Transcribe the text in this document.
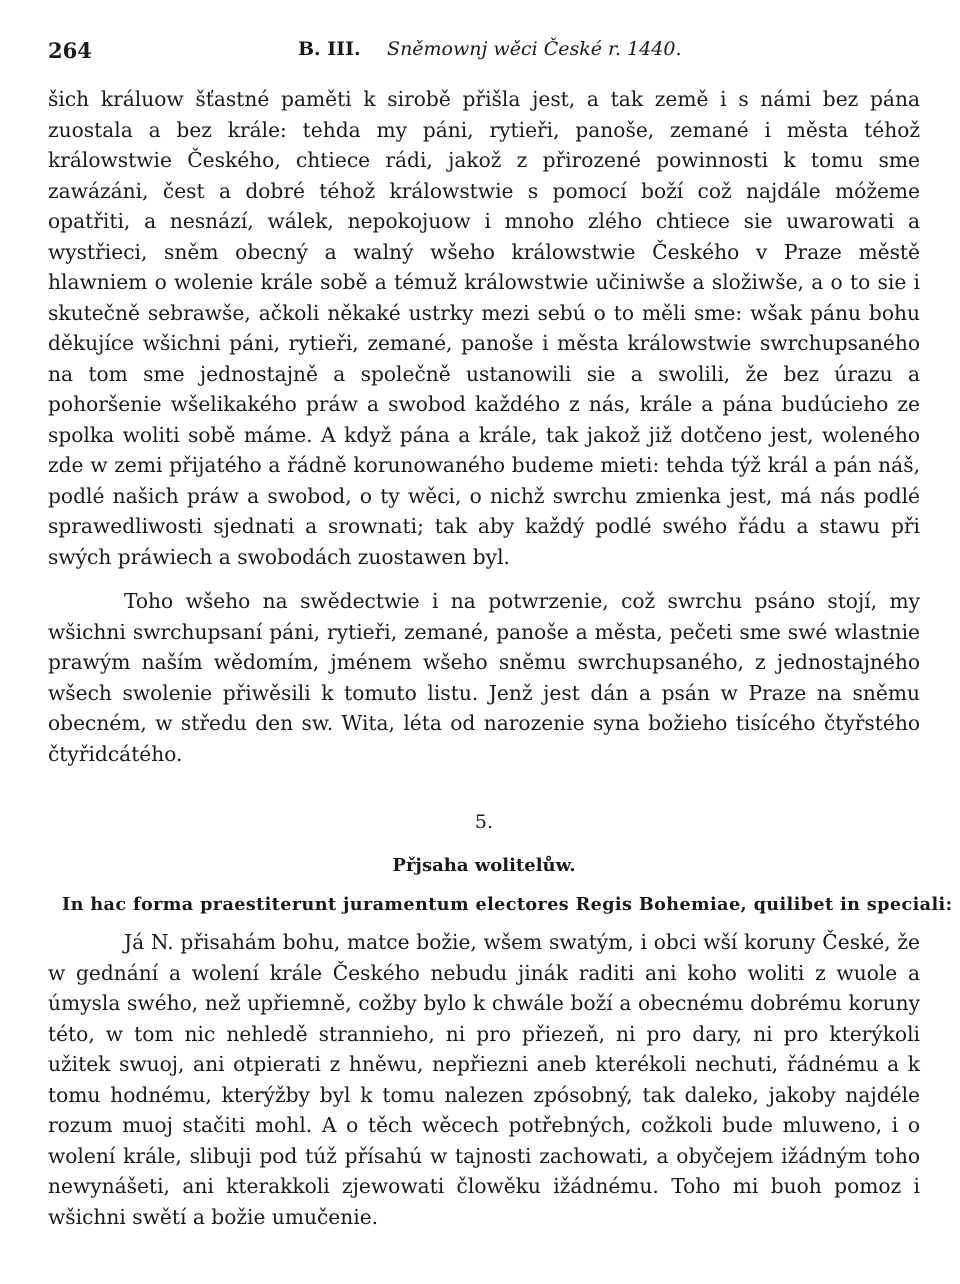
264	B. III. Sněmownj wěci České r. 1440.

šich králuow šťastné paměti k sirobě přišla jest, a tak země i s námi bez pána zuostala a bez krále: tehda my páni, rytieři, panoše, zemané i města téhož králowstwie Českého, chtiece rádi, jakož z přirozené powinnosti k tomu sme zawázáni, čest a dobré téhož králowstwie s pomocí boží což najdále móžeme opatřiti, a nesnází, wálek, nepokojuow i mnoho zlého chtiece sie uwarowati a wystřieci, sněm obecný a walný wšeho králowstwie Českého v Praze městě hlawniem o wolenie krále sobě a témuž králowstwie učiniwše a složiwše, a o to sie i skutečně sebrawše, ačkoli někaké ustrky mezi sebú o to měli sme: wšak pánu bohu děkujíce wšichni páni, rytieři, zemané, panoše i města králowstwie swrchupsaného na tom sme jednostajně a společně ustanowili sie a swolili, že bez úrazu a pohoršenie wšelikakého práw a swobod každého z nás, krále a pána budúcieho ze spolka woliti sobě máme. A když pána a krále, tak jakož již dotčeno jest, wolenéhο zde w zemi přijatého a řádně korunowaného budeme mieti: tehda týž král a pán náš, podlé našich práw a swobod, o ty wěci, o nichž swrchu zmienka jest, má nás podlé sprawedliwosti sjednati a srownati; tak aby každý podlé swého řádu a stawu při swých práwiech a swobodách zuostawen byl.

Toho wšeho na swědectwie i na potwrzenie, což swrchu psáno stojí, my wšichni swrchupsaní páni, rytieři, zemané, panoše a města, pečeti sme swé wlastnie prawým naším wědomím, jménem wšeho sněmu swrchupsaného, z jednostajného wšech swolenie přiwěsili k tomuto listu. Jenž jest dán a psán w Praze na sněmu obecném, w středu den sw. Wita, léta od narozenie syna božieho tisícého čtyřstého čtyřidcátého.

5.
Přjsaha wolitelůw.
In hac forma praestiterunt juramentum electores Regis Bohemiae, quilibet in speciali:

Já N. přisahám bohu, matce božie, wšem swatým, i obci wší koruny České, že w gednání a wolení krále Českého nebudu jinák raditi ani koho woliti z wuole a úmysla swého, než upřiemně, cožby bylo k chwále boží a obecnému dobrému koruny této, w tom nic nehledě strannieho, ni pro přiezeň, ni pro dary, ni pro kterýkoli užitek swuoj, ani otpierati z hněwu, nepřiezni aneb kterékoli nechuti, řádnému a k tomu hodnému, kterýžby byl k tomu nalezen zpósobný, tak daleko, jakoby najdéle rozum muoj stačiti mohl. A o těch wěcech potřebných, cožkoli bude mluweno, i o wolení krále, slibuji pod túž přísahú w tajnosti zachowati, a obyčejem ižádným toho newynášeti, ani kterakkoli zjewowati člowěku ižádnému. Toho mi buoh pomoz i wšichni swětí a božie umučenie.
